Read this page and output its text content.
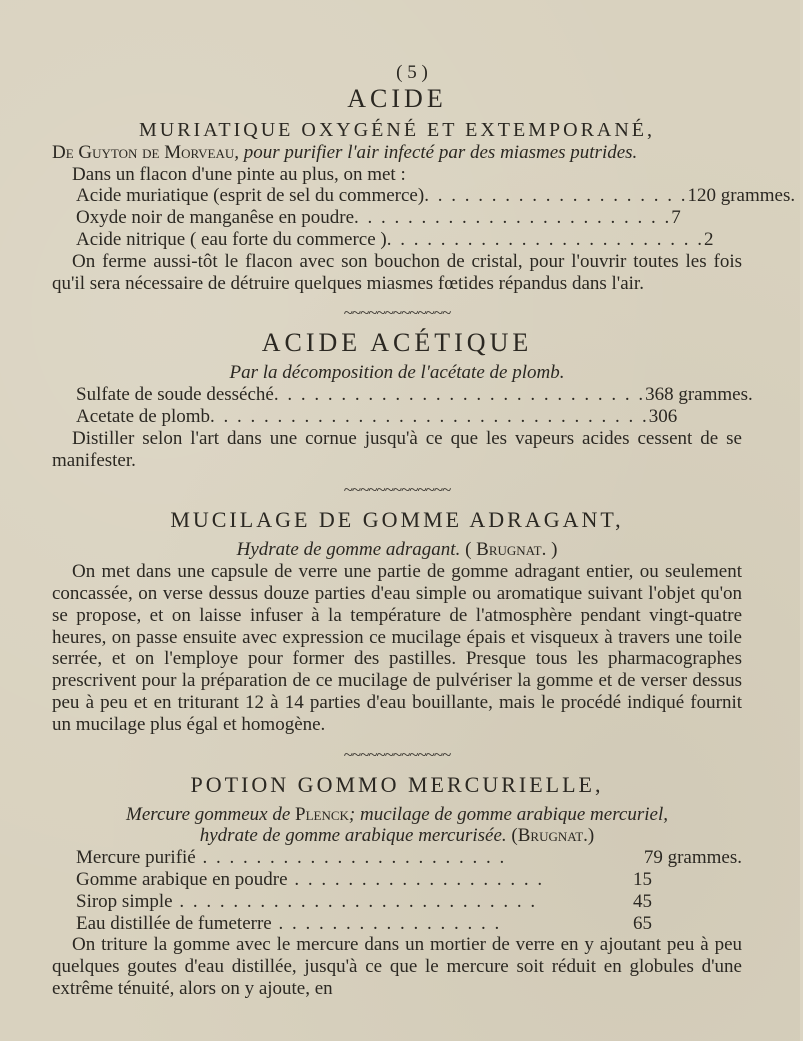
( 5 )
ACIDE
MURIATIQUE OXYGÉNÉ ET EXTEMPORANÉ,
De Guyton de Morveau, pour purifier l'air infecté par des miasmes putrides.

Dans un flacon d'une pinte au plus, on met :

Acide muriatique (esprit de sel du commerce) . . . . . . . . . . . . . . . . . . . . 120 grammes.
Oxyde noir de manganêse en poudre . . . . . . . . . . . . . . . . . . . . . . . . 7
Acide nitrique ( eau forte du commerce ) . . . . . . . . . . . . . . . . . . . . . . . . 2

On ferme aussi-tôt le flacon avec son bouchon de cristal, pour l'ouvrir toutes les fois qu'il sera nécessaire de détruire quelques miasmes fœtides répandus dans l'air.

~~~~~~~~~~~~~
ACIDE ACÉTIQUE
Par la décomposition de l'acétate de plomb.
Sulfate de soude desséché . . . . . . . . . . . . . . . . . . . . . . . . . . . . 368 grammes.
Acetate de plomb . . . . . . . . . . . . . . . . . . . . . . . . . . . . . . . . . 306

Distiller selon l'art dans une cornue jusqu'à ce que les vapeurs acides cessent de se manifester.

~~~~~~~~~~~~~
MUCILAGE DE GOMME ADRAGANT,
Hydrate de gomme adragant. ( Brugnat. )

On met dans une capsule de verre une partie de gomme adragant entier, ou seulement concassée, on verse dessus douze parties d'eau simple ou aromatique suivant l'objet qu'on se propose, et on laisse infuser à la température de l'atmosphère pendant vingt-quatre heures, on passe ensuite avec expression ce mucilage épais et visqueux à travers une toile serrée, et on l'employe pour former des pastilles. Presque tous les pharmacographes prescrivent pour la préparation de ce mucilage de pulvériser la gomme et de verser dessus peu à peu et en triturant 12 à 14 parties d'eau bouillante, mais le procédé indiqué fournit un mucilage plus égal et homogène.

~~~~~~~~~~~~~
POTION GOMMO MERCURIELLE,
Mercure gommeux de Plenck; mucilage de gomme arabique mercuriel,
hydrate de gomme arabique mercurisée. (Brugnat.)
Mercure purifié . . . . . . . . . . . . . . . . . . . . . . .	79 grammes.
Gomme arabique en poudre . . . . . . . . . . . . . . . . . . .	15
Sirop simple . . . . . . . . . . . . . . . . . . . . . . . . . . .	45
Eau distillée de fumeterre . . . . . . . . . . . . . . . . .	65

On triture la gomme avec le mercure dans un mortier de verre en y ajoutant peu à peu quelques goutes d'eau distillée, jusqu'à ce que le mercure soit réduit en globules d'une extrême ténuité, alors on y ajoute, en
